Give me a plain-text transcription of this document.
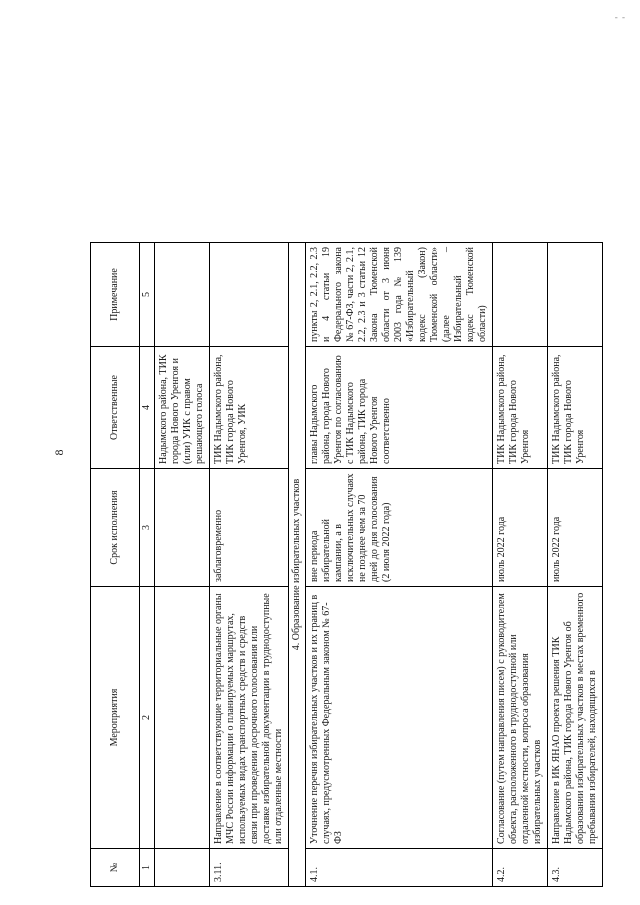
- -
8
№	Мероприятия	Срок исполнения	Ответственные	Примечание
1	2	3	4	5
			Надымского района, ТИК города Нового Уренгоя и (или) УИК с правом решающего голоса	
3.11.	Направление в соответствующие территориальные органы МЧС России информации о планируемых маршрутах, используемых видах транспортных средств и средств связи при проведении досрочного голосования или доставке избирательной документации в труднодоступные или отдаленные местности	заблаговременно	ТИК Надымского района, ТИК города Нового Уренгоя, УИК	
4. Образование избирательных участков				
4.1.	Уточнение перечня избирательных участков и их границ в случаях, предусмотренных Федеральным законом № 67-ФЗ	вне периода избирательной кампании, а в исключительных случаях не позднее чем за 70 дней до дня голосования (2 июля 2022 года)	главы Надымского района, города Нового Уренгоя по согласованию с ТИК Надымского района, ТИК города Нового Уренгоя соответственно	пункты 2, 2.1, 2.2, 2.3 и 4 статьи 19 Федерального закона № 67-ФЗ, части 2, 2.1, 2.2, 2.3 и 3 статьи 12 Закона Тюменской области от 3 июня 2003 года № 139 «Избирательный кодекс (Закон) Тюменской области» (далее – Избирательный кодекс Тюменской области)
4.2.	Согласование (путем направления писем) с руководителем объекта, расположенного в труднодоступной или отдаленной местности, вопроса образования избирательных участков	июль 2022 года	ТИК Надымского района, ТИК города Нового Уренгоя	
4.3.	Направление в ИК ЯНАО проекта решения ТИК Надымского района, ТИК города Нового Уренгоя об образовании избирательных участков в местах временного пребывания избирателей, находящихся в	июль 2022 года	ТИК Надымского района, ТИК города Нового Уренгоя	
